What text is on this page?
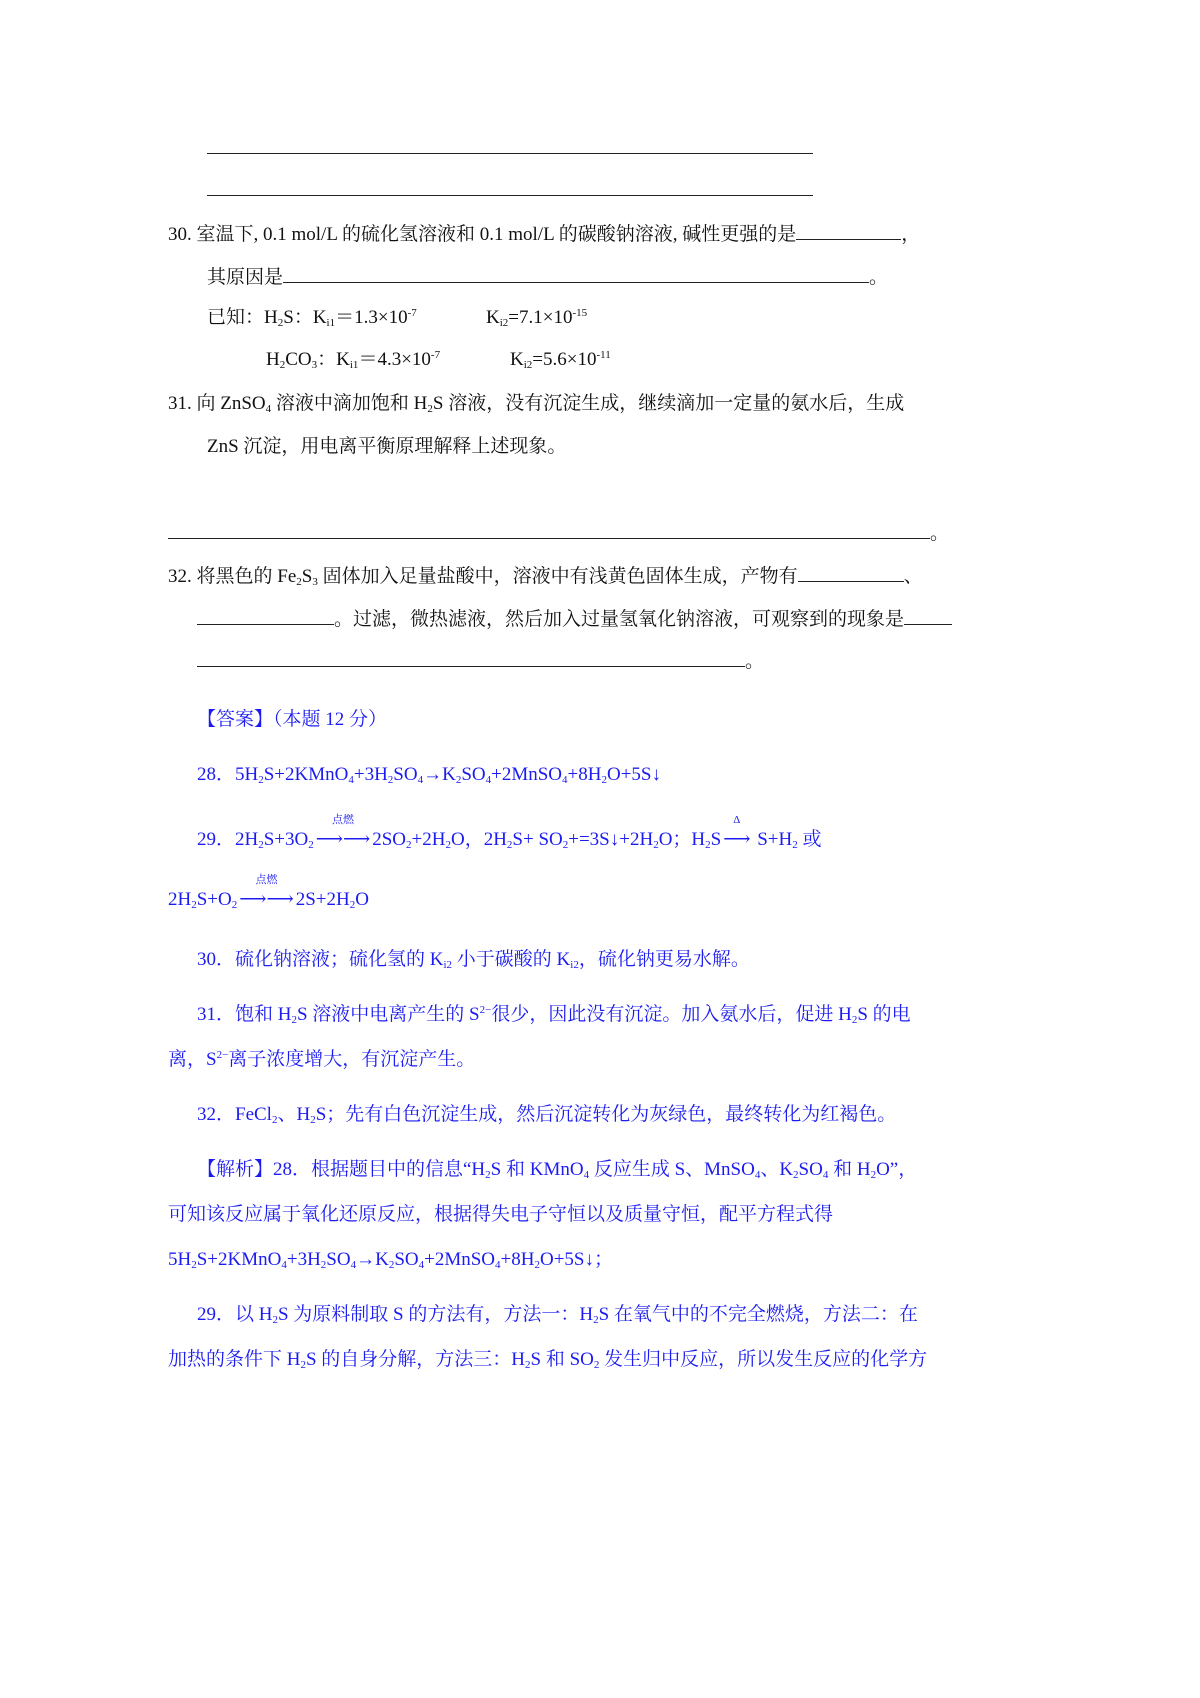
30. 室温下, 0.1 mol/L 的硫化氢溶液和 0.1 mol/L 的碳酸钠溶液, 碱性更强的是	，
其原因是	。
已知：$H_2S$：$K_{i1}=1.3\times 10^{-7}$	$K_{i2}=7.1\times 10^{-15}$
$H_2CO_3$：$K_{i1}=4.3\times 10^{-7}$	$K_{i2}=5.6\times 10^{-11}$
31. 向 ZnSO$_4$ 溶液中滴加饱和 $H_2S$ 溶液，没有沉淀生成，继续滴加一定量的氨水后，生成
ZnS 沉淀，用电离平衡原理解释上述现象。
。
32. 将黑色的 $Fe_2S_3$ 固体加入足量盐酸中，溶液中有浅黄色固体生成，产物有	、
。过滤，微热滤液，然后加入过量氢氧化钠溶液，可观察到的现象是
。
【答案】（本题 12 分）
28．$5H_2S+2KMnO_4+3H_2SO_4\to K_2SO_4+2MnSO_4+8H_2O+5S↓$
29．$2H_2S+3O_2$
点燃
⟶⟶ $2SO_2+2H_2O$，$2H_2S+$ $SO_2+=3S↓+2H_2O$；$H_2S$
Δ
⟶ $S+H_2$ 或
$2H_2S+O_2$
点燃
⟶⟶ $2S+2H_2O$
30．硫化钠溶液；硫化氢的 $K_{i2}$ 小于碳酸的 $K_{i2}$，硫化钠更易水解。
31．饱和 $H_2S$ 溶液中电离产生的 $S^{2-}$很少，因此没有沉淀。加入氨水后，促进 $H_2S$ 的电
离，$S^{2-}$离子浓度增大，有沉淀产生。
32．FeCl$_2$、$H_2S$；先有白色沉淀生成，然后沉淀转化为灰绿色，最终转化为红褐色。
【解析】28．根据题目中的信息“$H_2S$ 和 KMnO$_4$ 反应生成 S、MnSO$_4$、$K_2SO_4$ 和 $H_2O$”，
可知该反应属于氧化还原反应，根据得失电子守恒以及质量守恒，配平方程式得
$5H_2S+2KMnO_4+3H_2SO_4\to K_2SO_4+2MnSO_4+8H_2O+5S↓$；
29．以 $H_2S$ 为原料制取 S 的方法有，方法一：$H_2S$ 在氧气中的不完全燃烧，方法二：在
加热的条件下 $H_2S$ 的自身分解，方法三：$H_2S$ 和 $SO_2$ 发生归中反应，所以发生反应的化学方
